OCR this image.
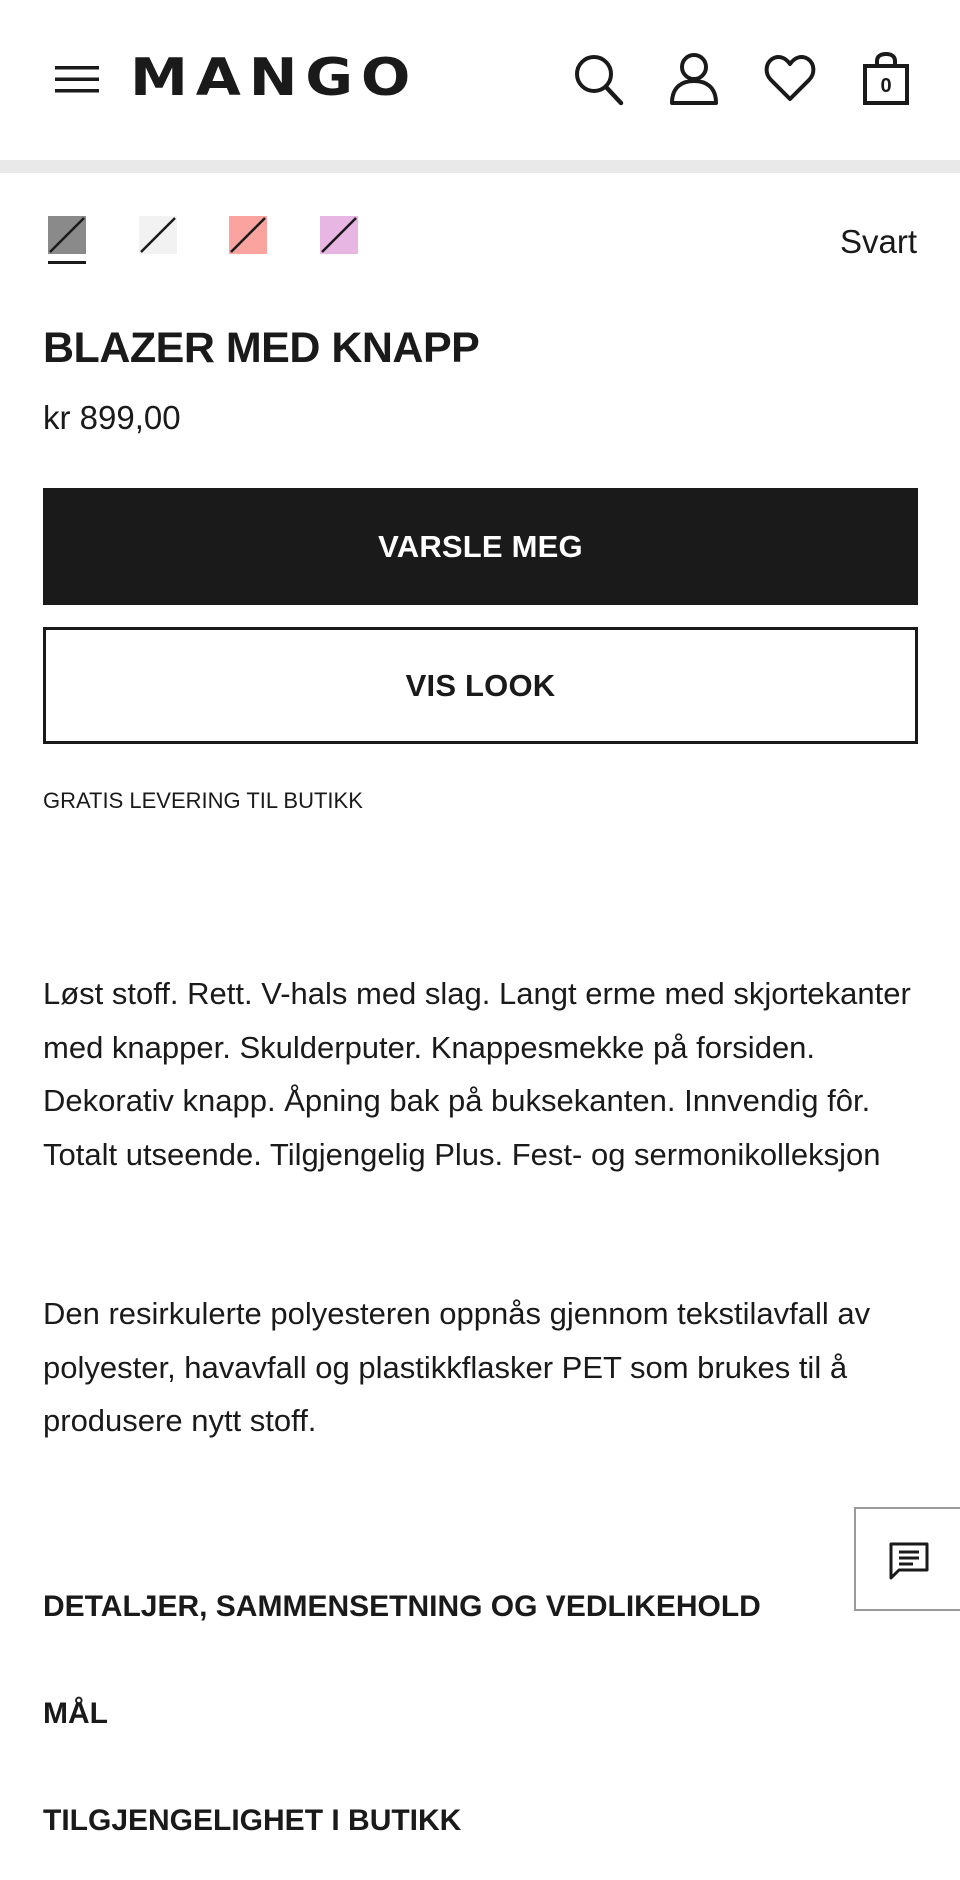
MANGO	0
Svart
BLAZER MED KNAPP
kr 899,00
VARSLE MEG
VIS LOOK
GRATIS LEVERING TIL BUTIKK
Løst stoff. Rett. V-hals med slag. Langt erme med skjortekanter med knapper. Skulderputer. Knappesmekke på forsiden. Dekorativ knapp. Åpning bak på buksekanten. Innvendig fôr. Totalt utseende. Tilgjengelig Plus. Fest- og sermonikolleksjon
Den resirkulerte polyesteren oppnås gjennom tekstilavfall av polyester, havavfall og plastikkflasker PET som brukes til å produsere nytt stoff.
DETALJER, SAMMENSETNING OG VEDLIKEHOLD
MÅL
TILGJENGELIGHET I BUTIKK
